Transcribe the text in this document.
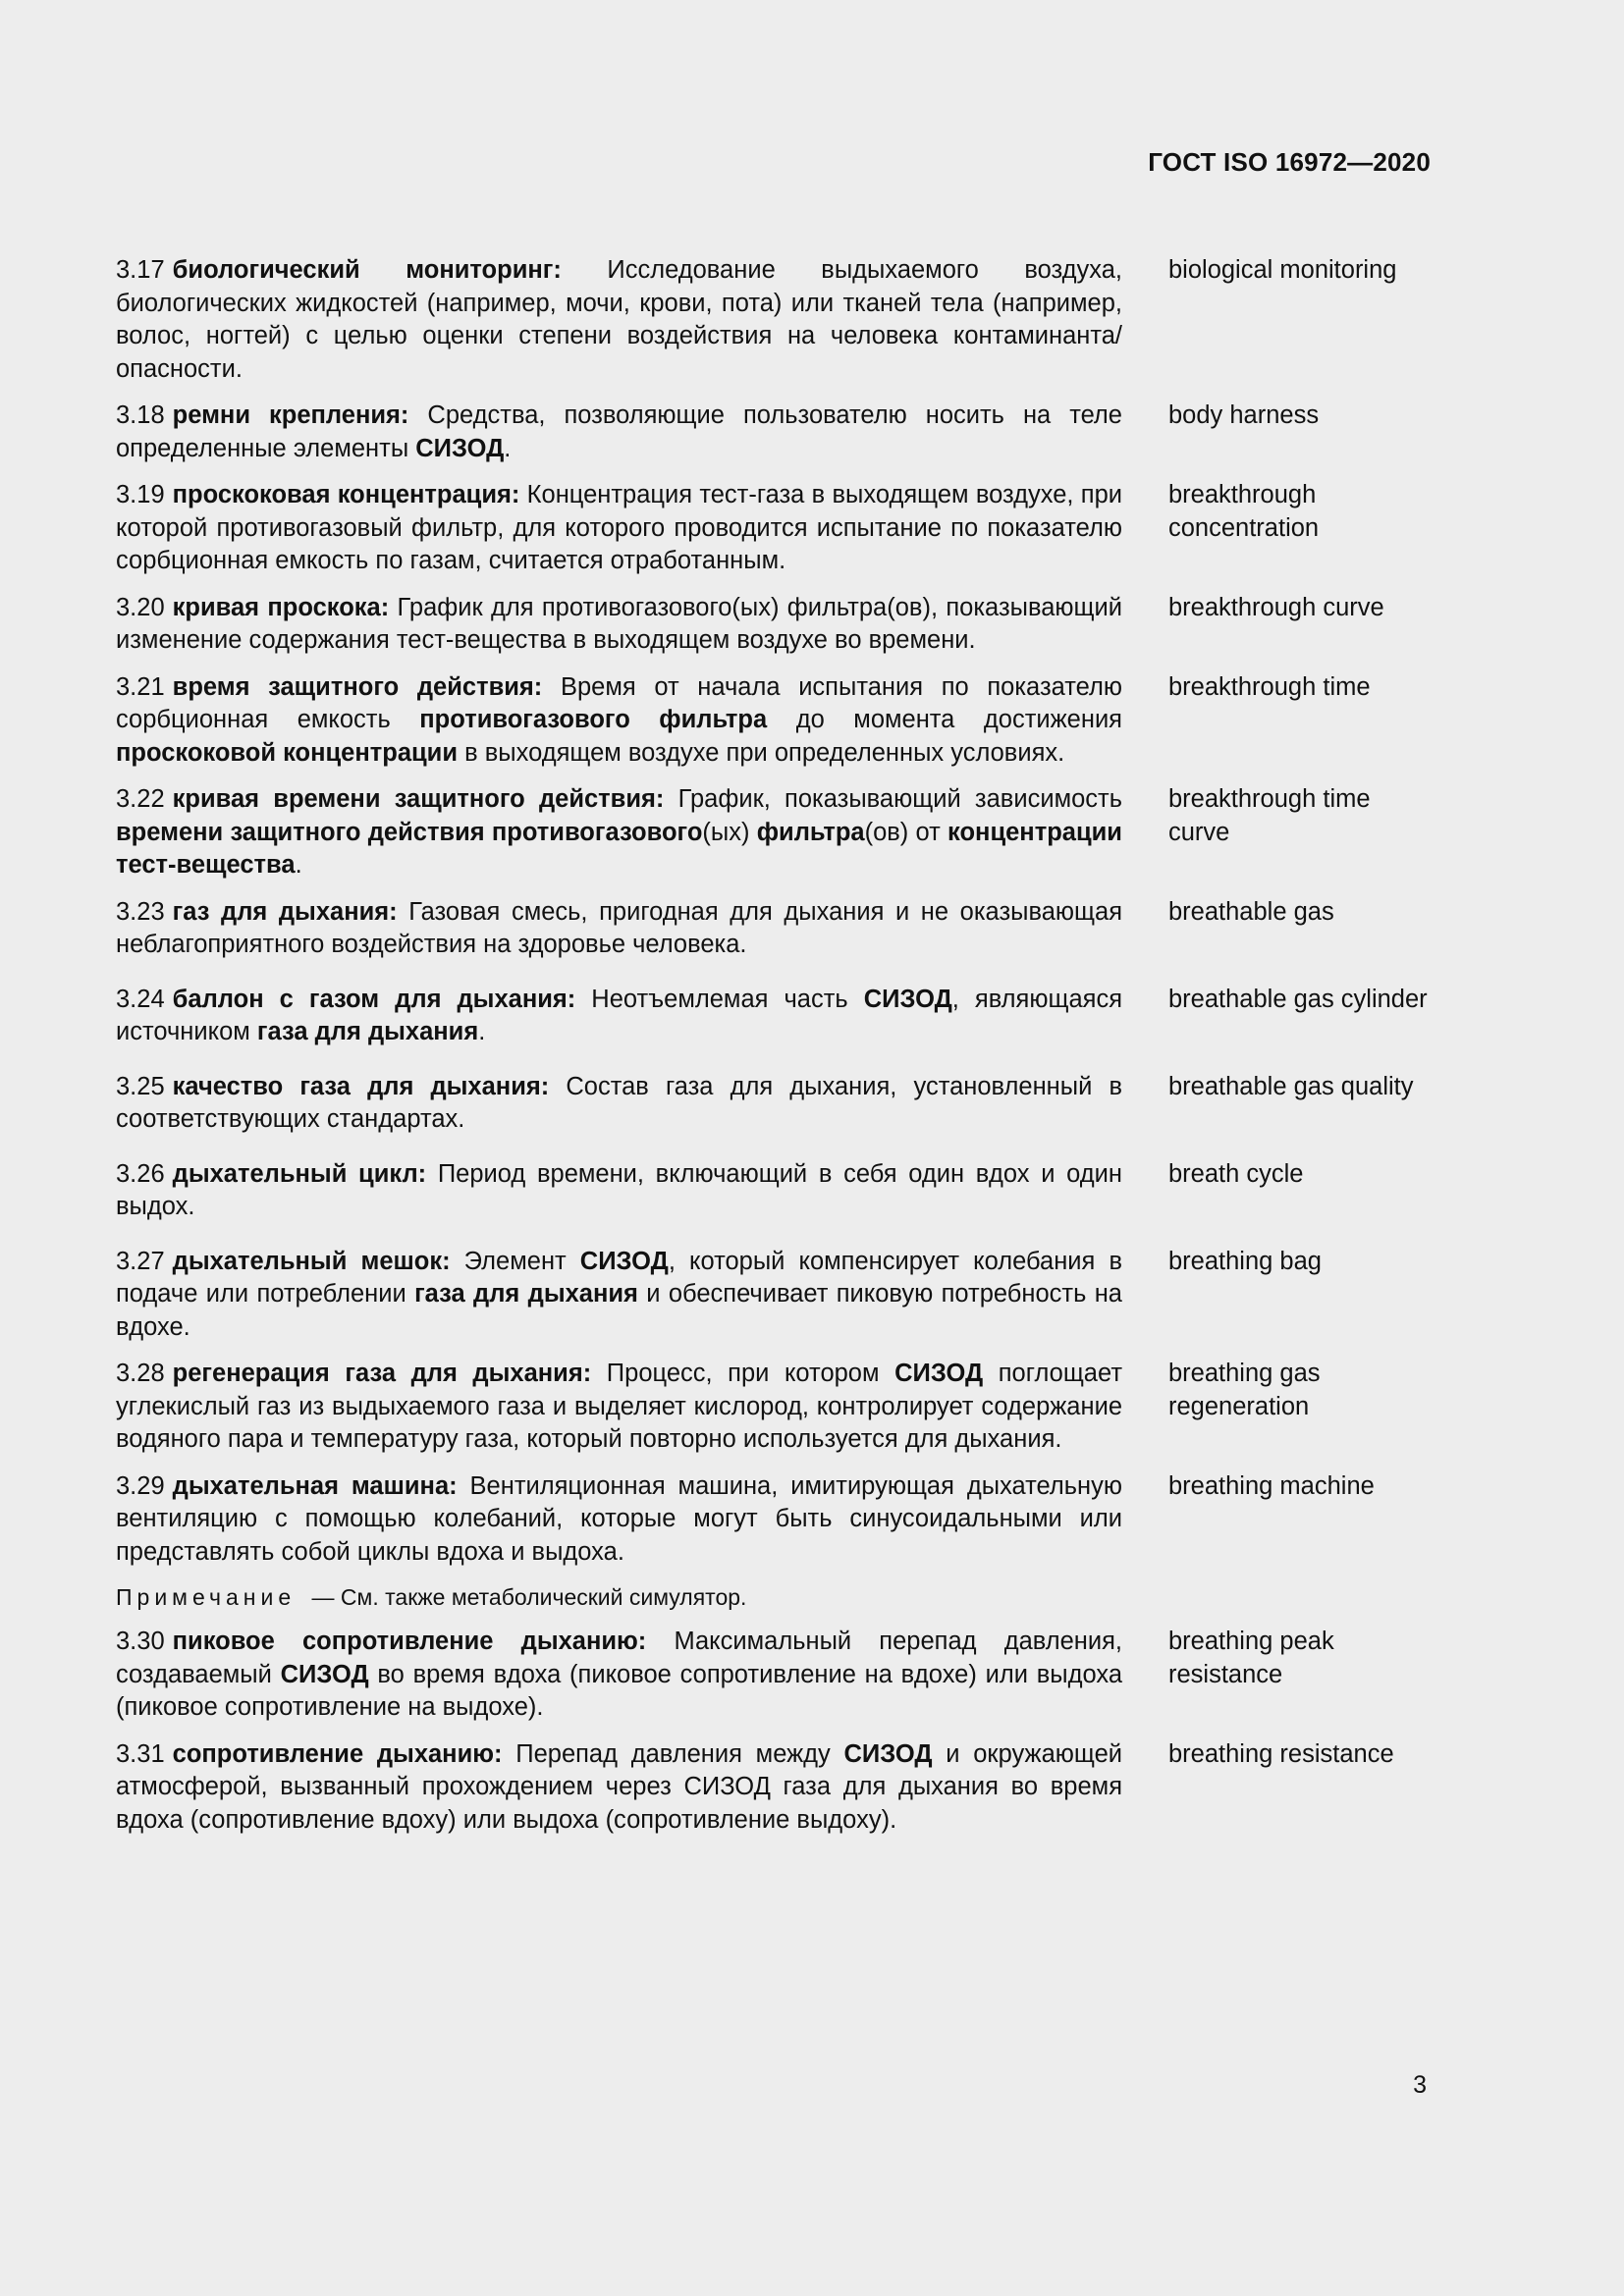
ГОСТ ISO 16972—2020
3.17 биологический мониторинг: Исследование выдыхаемого воздуха, биологических жидкостей (например, мочи, крови, пота) или тканей тела (например, волос, ногтей) с целью оценки степени воздействия на человека контаминанта/опасности.
biological monitoring
3.18 ремни крепления: Средства, позволяющие пользователю носить на теле определенные элементы СИЗОД.
body harness
3.19 проскоковая концентрация: Концентрация тест-газа в выходящем воздухе, при которой противогазовый фильтр, для которого проводится испытание по показателю сорбционная емкость по газам, считается отработанным.
breakthrough concentration
3.20 кривая проскока: График для противогазового(ых) фильтра(ов), показывающий изменение содержания тест-вещества в выходящем воздухе во времени.
breakthrough curve
3.21 время защитного действия: Время от начала испытания по показателю сорбционная емкость противогазового фильтра до момента достижения проскоковой концентрации в выходящем воздухе при определенных условиях.
breakthrough time
3.22 кривая времени защитного действия: График, показывающий зависимость времени защитного действия противогазового(ых) фильтра(ов) от концентрации тест-вещества.
breakthrough time curve
3.23 газ для дыхания: Газовая смесь, пригодная для дыхания и не оказывающая неблагоприятного воздействия на здоровье человека.
breathable gas
3.24 баллон с газом для дыхания: Неотъемлемая часть СИЗОД, являющаяся источником газа для дыхания.
breathable gas cylinder
3.25 качество газа для дыхания: Состав газа для дыхания, установленный в соответствующих стандартах.
breathable gas quality
3.26 дыхательный цикл: Период времени, включающий в себя один вдох и один выдох.
breath cycle
3.27 дыхательный мешок: Элемент СИЗОД, который компенсирует колебания в подаче или потреблении газа для дыхания и обеспечивает пиковую потребность на вдохе.
breathing bag
3.28 регенерация газа для дыхания: Процесс, при котором СИЗОД поглощает углекислый газ из выдыхаемого газа и выделяет кислород, контролирует содержание водяного пара и температуру газа, который повторно используется для дыхания.
breathing gas regeneration
3.29 дыхательная машина: Вентиляционная машина, имитирующая дыхательную вентиляцию с помощью колебаний, которые могут быть синусоидальными или представлять собой циклы вдоха и выдоха.
breathing machine
Примечание — См. также метаболический симулятор.
3.30 пиковое сопротивление дыханию: Максимальный перепад давления, создаваемый СИЗОД во время вдоха (пиковое сопротивление на вдохе) или выдоха (пиковое сопротивление на выдохе).
breathing peak resistance
3.31 сопротивление дыханию: Перепад давления между СИЗОД и окружающей атмосферой, вызванный прохождением через СИЗОД газа для дыхания во время вдоха (сопротивление вдоху) или выдоха (сопротивление выдоху).
breathing resistance
3
